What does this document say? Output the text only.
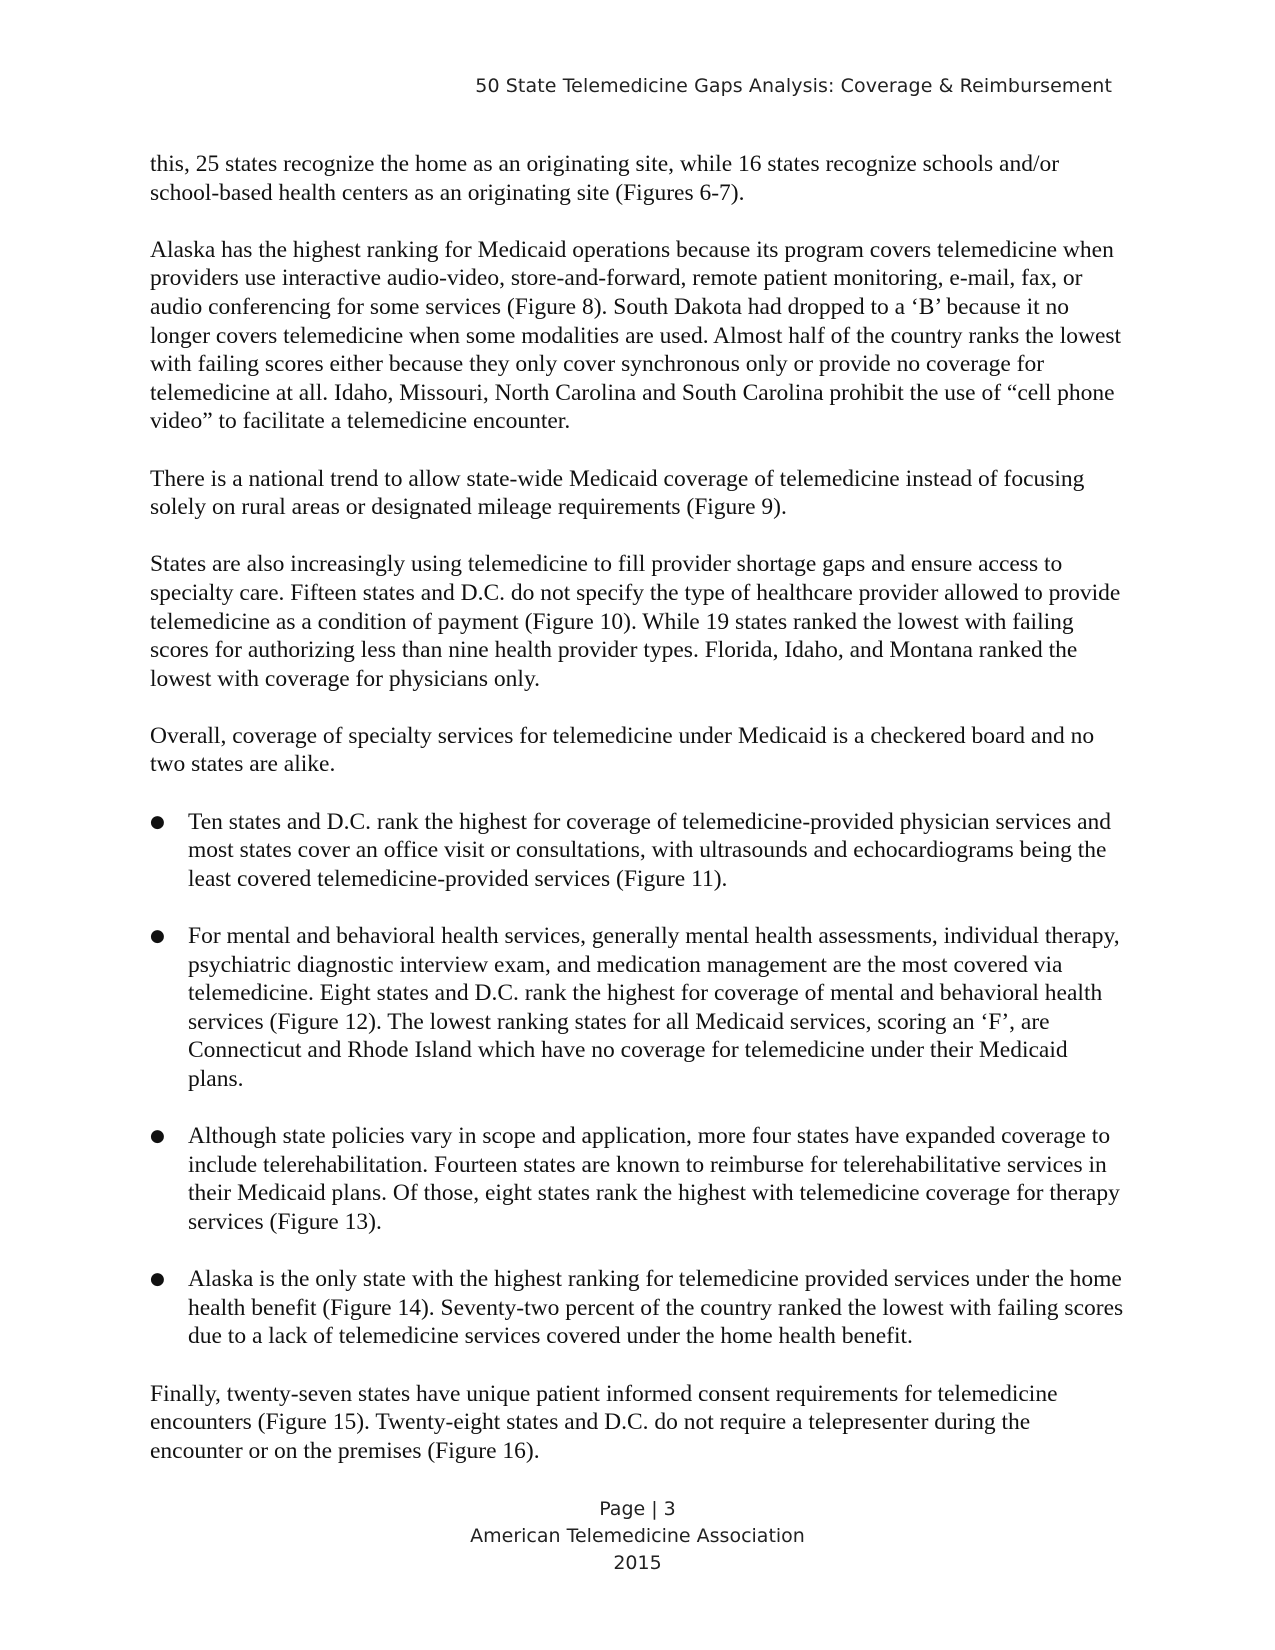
50 State Telemedicine Gaps Analysis: Coverage & Reimbursement

this, 25 states recognize the home as an originating site, while 16 states recognize schools and/or school-based health centers as an originating site (Figures 6-7).

Alaska has the highest ranking for Medicaid operations because its program covers telemedicine when providers use interactive audio-video, store-and-forward, remote patient monitoring, e-mail, fax, or audio conferencing for some services (Figure 8). South Dakota had dropped to a ‘B’ because it no longer covers telemedicine when some modalities are used. Almost half of the country ranks the lowest with failing scores either because they only cover synchronous only or provide no coverage for telemedicine at all. Idaho, Missouri, North Carolina and South Carolina prohibit the use of “cell phone video” to facilitate a telemedicine encounter.

There is a national trend to allow state-wide Medicaid coverage of telemedicine instead of focusing solely on rural areas or designated mileage requirements (Figure 9).

States are also increasingly using telemedicine to fill provider shortage gaps and ensure access to specialty care. Fifteen states and D.C. do not specify the type of healthcare provider allowed to provide telemedicine as a condition of payment (Figure 10). While 19 states ranked the lowest with failing scores for authorizing less than nine health provider types. Florida, Idaho, and Montana ranked the lowest with coverage for physicians only.

Overall, coverage of specialty services for telemedicine under Medicaid is a checkered board and no two states are alike.

● Ten states and D.C. rank the highest for coverage of telemedicine-provided physician services and most states cover an office visit or consultations, with ultrasounds and echocardiograms being the least covered telemedicine-provided services (Figure 11).
● For mental and behavioral health services, generally mental health assessments, individual therapy, psychiatric diagnostic interview exam, and medication management are the most covered via telemedicine. Eight states and D.C. rank the highest for coverage of mental and behavioral health services (Figure 12). The lowest ranking states for all Medicaid services, scoring an ‘F’, are Connecticut and Rhode Island which have no coverage for telemedicine under their Medicaid plans.
● Although state policies vary in scope and application, more four states have expanded coverage to include telerehabilitation. Fourteen states are known to reimburse for telerehabilitative services in their Medicaid plans. Of those, eight states rank the highest with telemedicine coverage for therapy services (Figure 13).
● Alaska is the only state with the highest ranking for telemedicine provided services under the home health benefit (Figure 14). Seventy-two percent of the country ranked the lowest with failing scores due to a lack of telemedicine services covered under the home health benefit.

Finally, twenty-seven states have unique patient informed consent requirements for telemedicine encounters (Figure 15). Twenty-eight states and D.C. do not require a telepresenter during the encounter or on the premises (Figure 16).

Page | 3
American Telemedicine Association
2015
